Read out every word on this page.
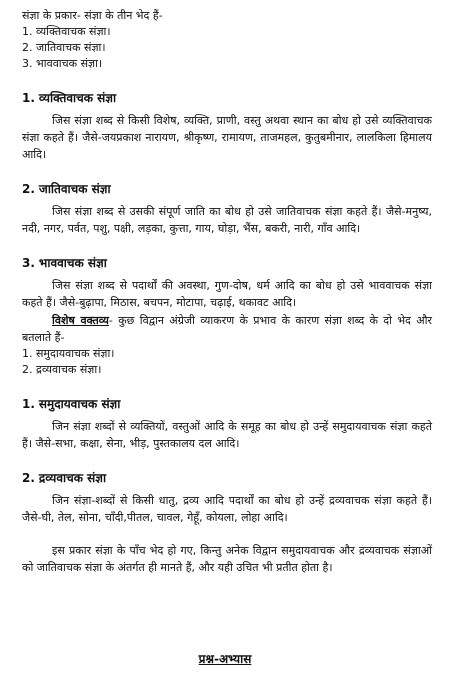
संज्ञा के प्रकार- संज्ञा के तीन भेद हैं-

1. व्यक्तिवाचक संज्ञा।

2. जातिवाचक संज्ञा।

3. भाववाचक संज्ञा।

1. व्यक्तिवाचक संज्ञा

जिस संज्ञा शब्द से किसी विशेष, व्यक्ति, प्राणी, वस्तु अथवा स्थान का बोध हो उसे व्यक्तिवाचक संज्ञा कहते हैं। जैसे-जयप्रकाश नारायण, श्रीकृष्ण, रामायण, ताजमहल, कुतुबमीनार, लालकिला हिमालय आदि।

2. जातिवाचक संज्ञा

जिस संज्ञा शब्द से उसकी संपूर्ण जाति का बोध हो उसे जातिवाचक संज्ञा कहते हैं। जैसे-मनुष्य, नदी, नगर, पर्वत, पशु, पक्षी, लड़का, कुत्ता, गाय, घोड़ा, भैंस, बकरी, नारी, गाँव आदि।

3. भाववाचक संज्ञा

जिस संज्ञा शब्द से पदार्थों की अवस्था, गुण-दोष, धर्म आदि का बोध हो उसे भाववाचक संज्ञा कहते हैं। जैसे-बुढ़ापा, मिठास, बचपन, मोटापा, चढ़ाई, थकावट आदि।

विशेष वक्तव्य- कुछ विद्वान अंग्रेजी व्याकरण के प्रभाव के कारण संज्ञा शब्द के दो भेद और बतलाते हैं-

1. समुदायवाचक संज्ञा।

2. द्रव्यवाचक संज्ञा।

1. समुदायवाचक संज्ञा

जिन संज्ञा शब्दों से व्यक्तियों, वस्तुओं आदि के समूह का बोध हो उन्हें समुदायवाचक संज्ञा कहते हैं। जैसे-सभा, कक्षा, सेना, भीड़, पुस्तकालय दल आदि।

2. द्रव्यवाचक संज्ञा

जिन संज्ञा-शब्दों से किसी धातु, द्रव्य आदि पदार्थों का बोध हो उन्हें द्रव्यवाचक संज्ञा कहते हैं। जैसे-घी, तेल, सोना, चाँदी,पीतल, चावल, गेहूँ, कोयला, लोहा आदि।

इस प्रकार संज्ञा के पाँच भेद हो गए, किन्तु अनेक विद्वान समुदायवाचक और द्रव्यवाचक संज्ञाओं को जातिवाचक संज्ञा के अंतर्गत ही मानते हैं, और यही उचित भी प्रतीत होता है।

प्रश्न-अभ्यास
